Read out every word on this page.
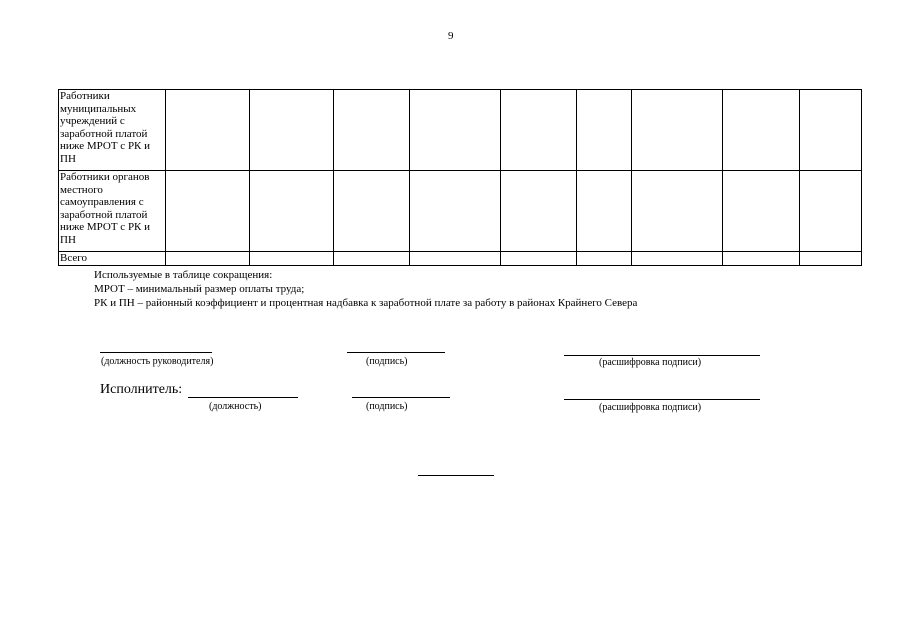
9
Работники муниципальных учреждений с заработной платой ниже МРОТ с РК и ПН									
Работники органов местного самоуправления с заработной платой ниже МРОТ с РК и ПН									
Всего									
Используемые в таблице сокращения:
МРОТ – минимальный размер оплаты труда;
РК и ПН – районный коэффициент и процентная надбавка к заработной плате за работу в районах Крайнего Севера
(должность руководителя)	(подпись)	(расшифровка подписи)
Исполнитель:
(должность)	(подпись)	(расшифровка подписи)
